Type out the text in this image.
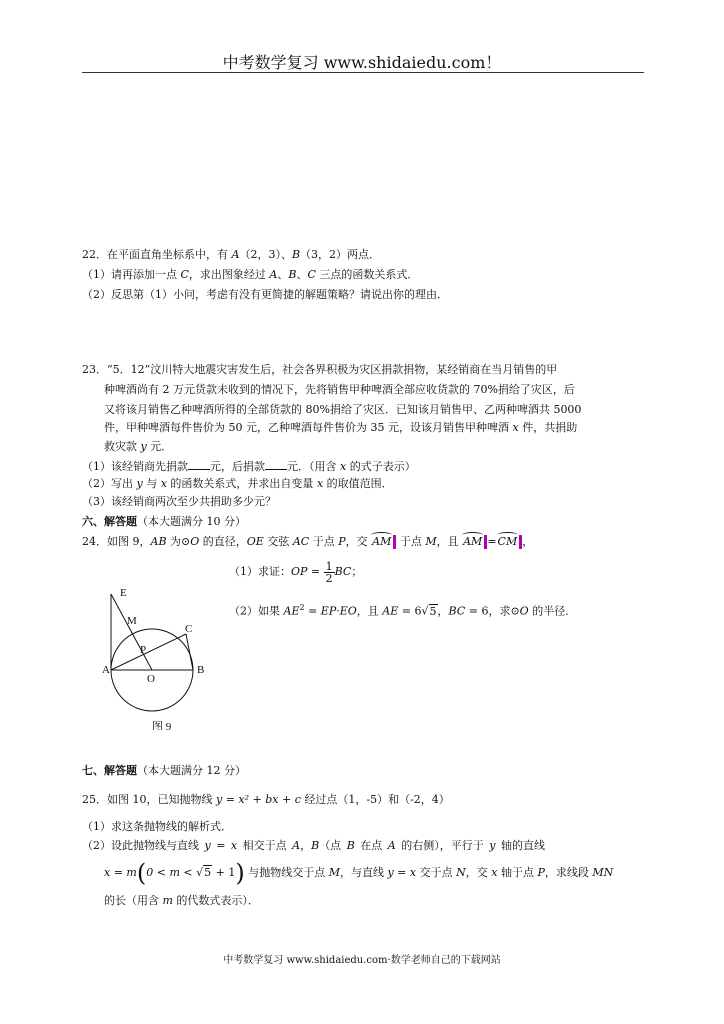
中考数学复习 www.shidaiedu.com！
22．在平面直角坐标系中，有 A（2，3）、B（3，2）两点．
（1）请再添加一点 C，求出图象经过 A、B、C 三点的函数关系式．
（2）反思第（1）小问，考虑有没有更简捷的解题策略？请说出你的理由．
23．“5．12”汶川特大地震灾害发生后，社会各界积极为灾区捐款捐物，某经销商在当月销售的甲
种啤酒尚有 2 万元货款未收到的情况下，先将销售甲种啤酒全部应收货款的 70%捐给了灾区，后
又将该月销售乙种啤酒所得的全部货款的 80%捐给了灾区．已知该月销售甲、乙两种啤酒共 5000
件，甲种啤酒每件售价为 50 元，乙种啤酒每件售价为 35 元，设该月销售甲种啤酒 x 件，共捐助
救灾款 y 元．
（1）该经销商先捐款 元，后捐款 元．（用含 x 的式子表示）
（2）写出 y 与 x 的函数关系式，并求出自变量 x 的取值范围．
（3）该经销商两次至少共捐助多少元？
六、解答题（本大题满分 10 分）
24．如图 9，AB 为⊙O 的直径，OE 交弦 AC 于点 P，交 AM 于点 M，且 AM =CM ，
（1）求证：OP = $\frac{1}{2}$ BC；
（2）如果 $AE^2 = EP\cdot EO$，且 AE = 6√5，BC = 6，求⊙O 的半径．
E
M
C
P
A
O
B
图 9
七、解答题（本大题满分 12 分）
25．如图 10，已知抛物线 y = x² + bx + c 经过点（1，-5）和（-2，4）
（1）求这条抛物线的解析式．
（2）设此抛物线与直线 y = x 相交于点 A，B（点 B 在点 A 的右侧），平行于 y 轴的直线
x = m(0 < m < √5 + 1) 与抛物线交于点 M，与直线 y = x 交于点 N，交 x 轴于点 P，求线段 MN
的长（用含 m 的代数式表示）．
中考数学复习 www.shidaiedu.com·数学老师自己的下载网站
